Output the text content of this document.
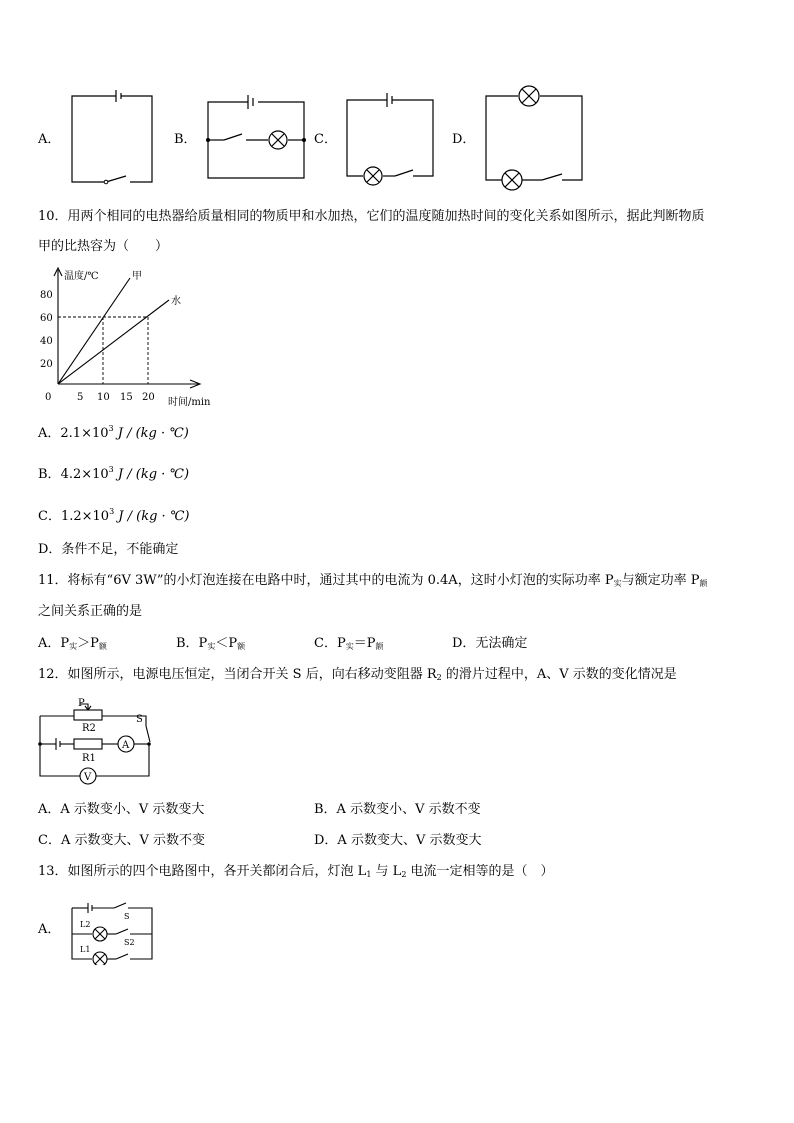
A．	B．	C．	D．
10．用两个相同的电热器给质量相同的物质甲和水加热，它们的温度随加热时间的变化关系如图所示，据此判断物质
甲的比热容为（　　）
温度/℃	甲
水
80
60
40
20
0	5 10 15 20 时间/min
A．$2.1\times 10^3$ J / (kg · ℃)
B．$4.2\times 10^3$ J / (kg · ℃)
C．$1.2\times 10^3$ J / (kg · ℃)
D．条件不足，不能确定
11．将标有“6V 3W”的小灯泡连接在电路中时，通过其中的电流为 0.4A，这时小灯泡的实际功率 $P_实$与额定功率 $P_额$
之间关系正确的是
A．$P_实>P_额$	B．$P_实<P_额$	C．$P_实=P_额$	D．无法确定
12．如图所示，电源电压恒定，当闭合开关 S 后，向右移动变阻器 $R_2$ 的滑片过程中，A、V 示数的变化情况是
P
R2
S
A
R1
V
A．A 示数变小、V 示数变大	B．A 示数变小、V 示数不变
C．A 示数变大、V 示数不变	D．A 示数变大、V 示数变大
13．如图所示的四个电路图中，各开关都闭合后，灯泡 $L_1$ 与 $L_2$ 电流一定相等的是（　）
A．
S
L2
S2
L1
